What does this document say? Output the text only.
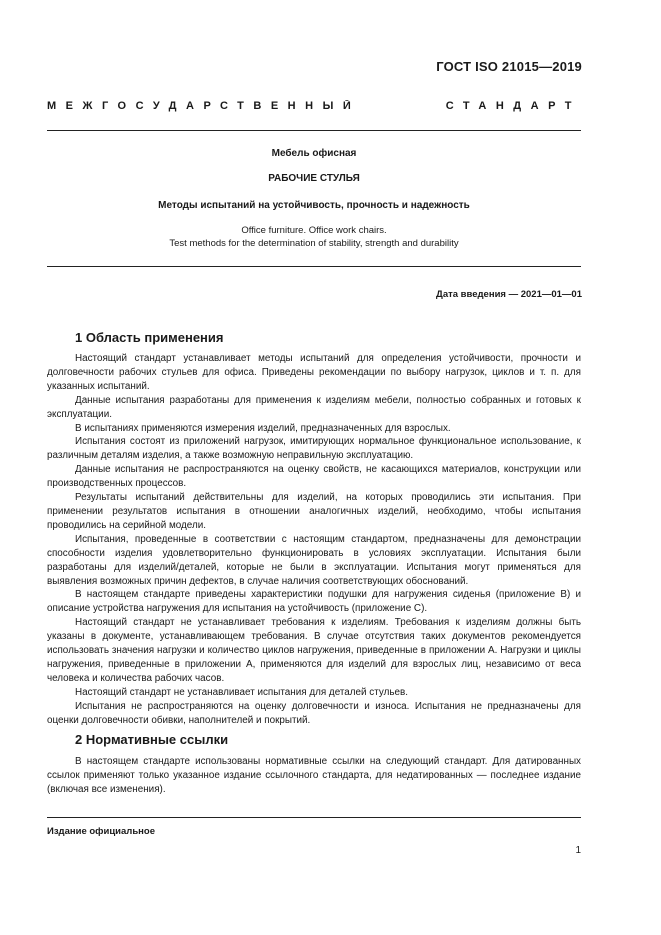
ГОСТ ISO 21015—2019
МЕЖГОСУДАРСТВЕННЫЙ СТАНДАРТ
Мебель офисная
РАБОЧИЕ СТУЛЬЯ
Методы испытаний на устойчивость, прочность и надежность
Office furniture. Office work chairs.
Test methods for the determination of stability, strength and durability
Дата введения — 2021—01—01
1 Область применения

Настоящий стандарт устанавливает методы испытаний для определения устойчивости, прочности и долговечности рабочих стульев для офиса. Приведены рекомендации по выбору нагрузок, циклов и т. п. для указанных испытаний.

Данные испытания разработаны для применения к изделиям мебели, полностью собранных и готовых к эксплуатации.

В испытаниях применяются измерения изделий, предназначенных для взрослых.

Испытания состоят из приложений нагрузок, имитирующих нормальное функциональное использование, к различным деталям изделия, а также возможную неправильную эксплуатацию.

Данные испытания не распространяются на оценку свойств, не касающихся материалов, конструкции или производственных процессов.

Результаты испытаний действительны для изделий, на которых проводились эти испытания. При применении результатов испытания в отношении аналогичных изделий, необходимо, чтобы испытания проводились на серийной модели.

Испытания, проведенные в соответствии с настоящим стандартом, предназначены для демонстрации способности изделия удовлетворительно функционировать в условиях эксплуатации. Испытания были разработаны для изделий/деталей, которые не были в эксплуатации. Испытания могут применяться для выявления возможных причин дефектов, в случае наличия соответствующих обоснований.

В настоящем стандарте приведены характеристики подушки для нагружения сиденья (приложение В) и описание устройства нагружения для испытания на устойчивость (приложение С).

Настоящий стандарт не устанавливает требования к изделиям. Требования к изделиям должны быть указаны в документе, устанавливающем требования. В случае отсутствия таких документов рекомендуется использовать значения нагрузки и количество циклов нагружения, приведенные в приложении А. Нагрузки и циклы нагружения, приведенные в приложении А, применяются для изделий для взрослых лиц, независимо от веса человека и количества рабочих часов.

Настоящий стандарт не устанавливает испытания для деталей стульев.

Испытания не распространяются на оценку долговечности и износа. Испытания не предназначены для оценки долговечности обивки, наполнителей и покрытий.

2 Нормативные ссылки

В настоящем стандарте использованы нормативные ссылки на следующий стандарт. Для датированных ссылок применяют только указанное издание ссылочного стандарта, для недатированных — последнее издание (включая все изменения).

Издание официальное
1
